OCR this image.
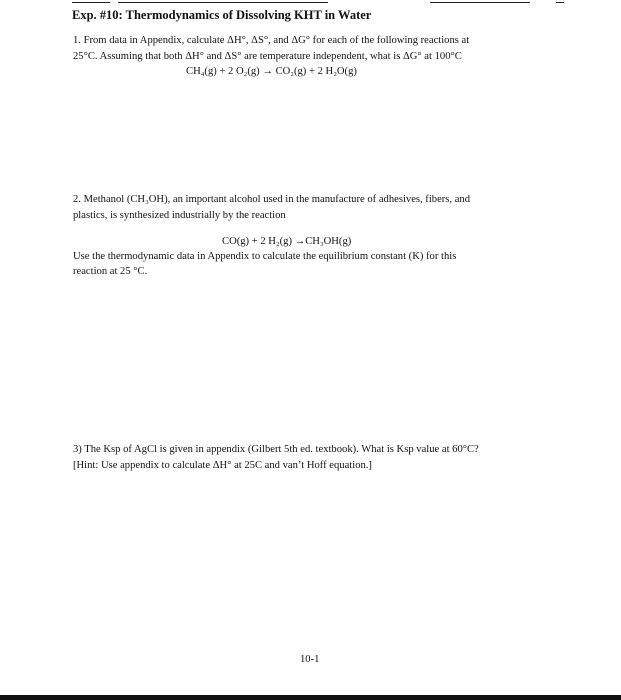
Exp. #10: Thermodynamics of Dissolving KHT in Water
1. From data in Appendix, calculate ΔH°, ΔS°, and ΔG° for each of the following reactions at
25°C. Assuming that both ΔH° and ΔS° are temperature independent, what is ΔG° at 100°C
CH₄(g) + 2 O₂(g) → CO₂(g) + 2 H₂O(g)
2. Methanol (CH₃OH), an important alcohol used in the manufacture of adhesives, fibers, and
plastics, is synthesized industrially by the reaction
CO(g) + 2 H₂(g) →CH₃OH(g)
Use the thermodynamic data in Appendix to calculate the equilibrium constant (K) for this
reaction at 25 °C.
3) The Ksp of AgCl is given in appendix (Gilbert 5th ed. textbook). What is Ksp value at 60°C?
[Hint: Use appendix to calculate ΔH° at 25C and van’t Hoff equation.]
10-1
